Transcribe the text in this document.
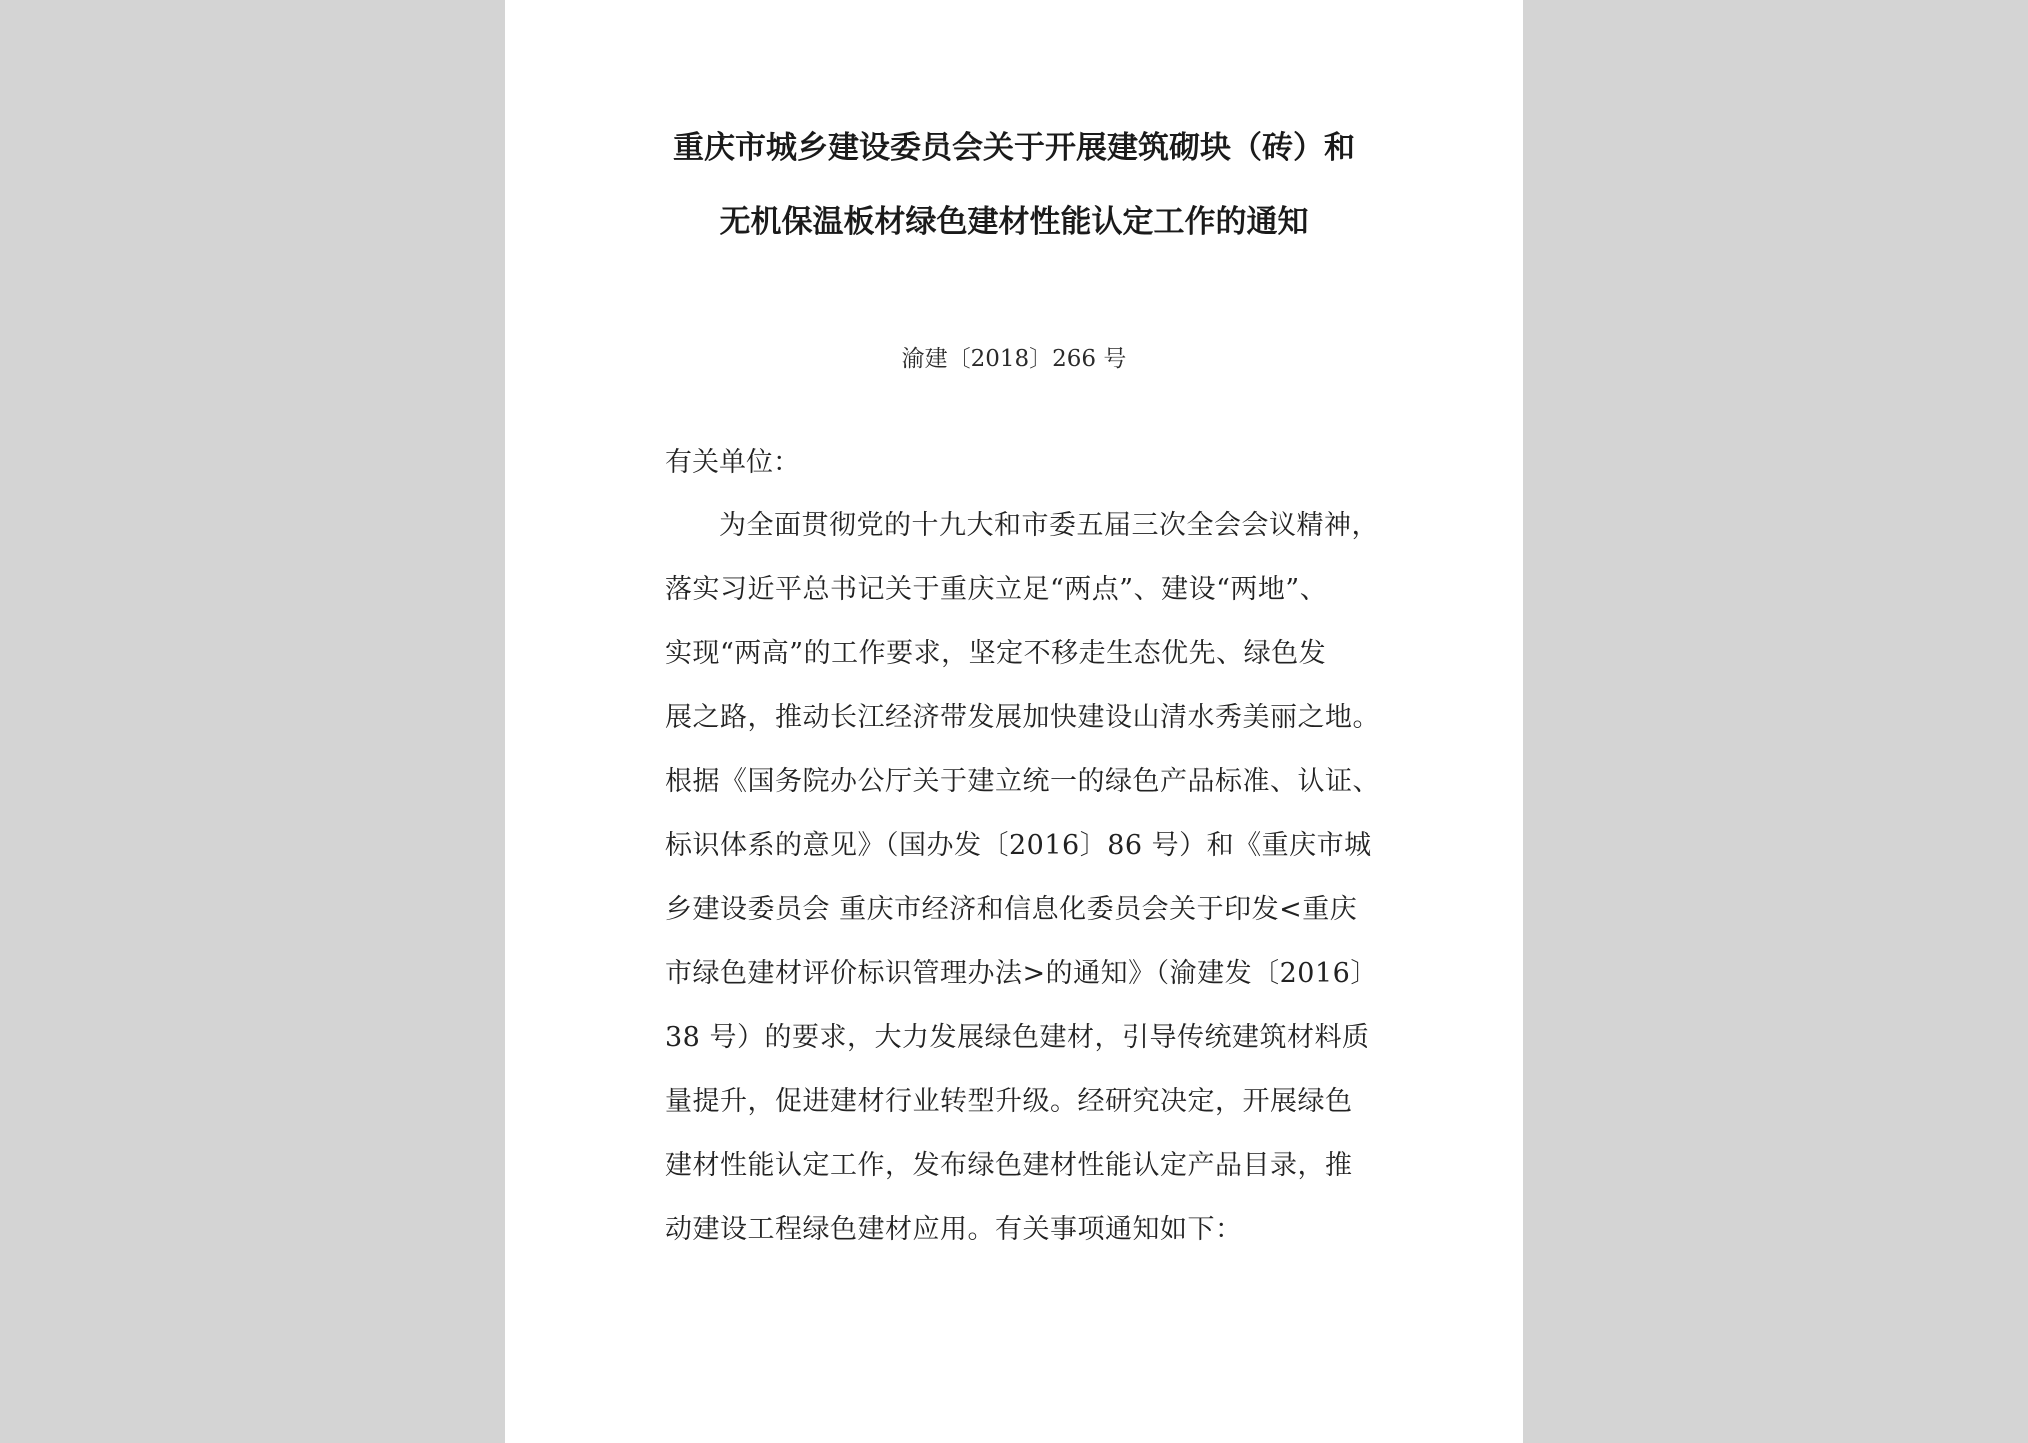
重庆市城乡建设委员会关于开展建筑砌块（砖）和
无机保温板材绿色建材性能认定工作的通知
渝建〔2018〕266 号
有关单位：
为全面贯彻党的十九大和市委五届三次全会会议精神，
落实习近平总书记关于重庆立足“两点”、建设“两地”、
实现“两高”的工作要求，坚定不移走生态优先、绿色发
展之路，推动长江经济带发展加快建设山清水秀美丽之地。
根据《国务院办公厅关于建立统一的绿色产品标准、认证、
标识体系的意见》（国办发〔2016〕86 号）和《重庆市城
乡建设委员会 重庆市经济和信息化委员会关于印发<重庆
市绿色建材评价标识管理办法>的通知》（渝建发〔2016〕
38 号）的要求，大力发展绿色建材，引导传统建筑材料质
量提升，促进建材行业转型升级。经研究决定，开展绿色
建材性能认定工作，发布绿色建材性能认定产品目录，推
动建设工程绿色建材应用。有关事项通知如下：
